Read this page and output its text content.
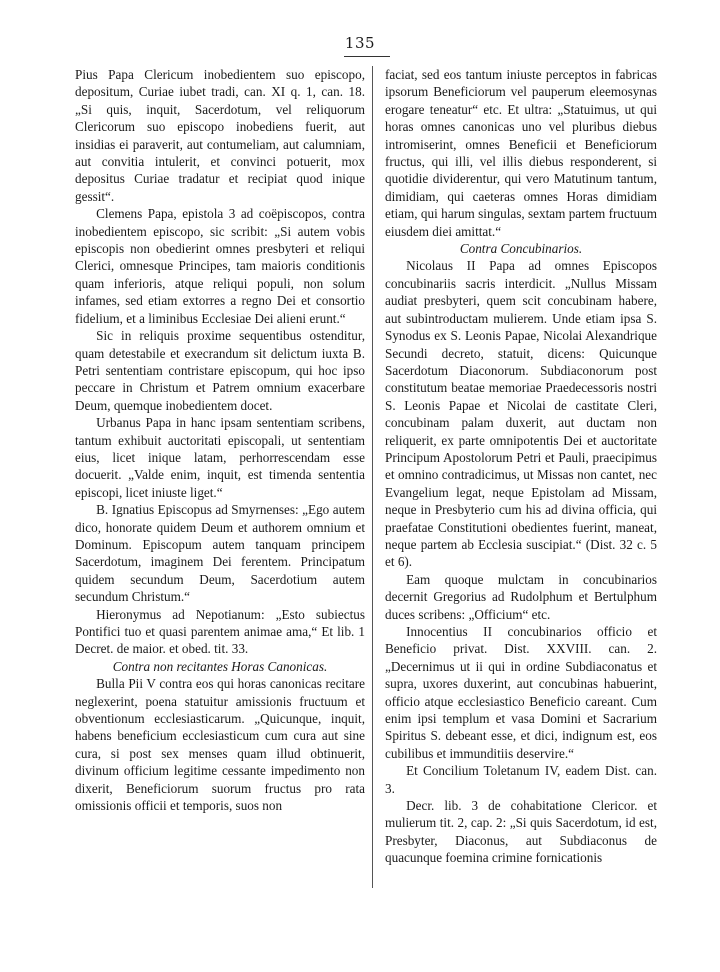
135

Pius Papa Clericum inobedientem suo episcopo, depositum, Curiae iubet tradi, can. XI q. 1, can. 18. „Si quis, inquit, Sacerdotum, vel reliquorum Clericorum suo episcopo inobediens fuerit, aut insidias ei paraverit, aut contumeliam, aut calumniam, aut convitia intulerit, et convinci potuerit, mox depositus Curiae tradatur et recipiat quod inique gessit“.

Clemens Papa, epistola 3 ad coëpiscopos, contra inobedientem episcopo, sic scribit: „Si autem vobis episcopis non obedierint omnes presbyteri et reliqui Clerici, omnesque Principes, tam maioris conditionis quam inferioris, atque reliqui populi, non solum infames, sed etiam extorres a regno Dei et consortio fidelium, et a liminibus Ecclesiae Dei alieni erunt.“

Sic in reliquis proxime sequentibus ostenditur, quam detestabile et execrandum sit delictum iuxta B. Petri sententiam contristare episcopum, qui hoc ipso peccare in Christum et Patrem omnium exacerbare Deum, quemque inobedientem docet.

Urbanus Papa in hanc ipsam sententiam scribens, tantum exhibuit auctoritati episcopali, ut sententiam eius, licet inique latam, perhorrescendam esse docuerit. „Valde enim, inquit, est timenda sententia episcopi, licet iniuste liget.“

B. Ignatius Episcopus ad Smyrnenses: „Ego autem dico, honorate quidem Deum et authorem omnium et Dominum. Episcopum autem tanquam principem Sacerdotum, imaginem Dei ferentem. Principatum quidem secundum Deum, Sacerdotium autem secundum Christum.“

Hieronymus ad Nepotianum: „Esto subiectus Pontifici tuo et quasi parentem animae ama,“ Et lib. 1 Decret. de maior. et obed. tit. 33.

Contra non recitantes Horas Canonicas.

Bulla Pii V contra eos qui horas canonicas recitare neglexerint, poena statuitur amissionis fructuum et obventionum ecclesiasticarum. „Quicunque, inquit, habens beneficium ecclesiasticum cum cura aut sine cura, si post sex menses quam illud obtinuerit, divinum officium legitime cessante impedimento non dixerit, Beneficiorum suorum fructus pro rata omissionis officii et temporis, suos non

faciat, sed eos tantum iniuste perceptos in fabricas ipsorum Beneficiorum vel pauperum eleemosynas erogare teneatur“ etc. Et ultra: „Statuimus, ut qui horas omnes canonicas uno vel pluribus diebus intromiserint, omnes Beneficii et Beneficiorum fructus, qui illi, vel illis diebus responderent, si quotidie dividerentur, qui vero Matutinum tantum, dimidiam, qui caeteras omnes Horas dimidiam etiam, qui harum singulas, sextam partem fructuum eiusdem diei amittat.“

Contra Concubinarios.

Nicolaus II Papa ad omnes Episcopos concubinariis sacris interdicit. „Nullus Missam audiat presbyteri, quem scit concubinam habere, aut subintroductam mulierem. Unde etiam ipsa S. Synodus ex S. Leonis Papae, Nicolai Alexandrique Secundi decreto, statuit, dicens: Quicunque Sacerdotum Diaconorum. Subdiaconorum post constitutum beatae memoriae Praedecessoris nostri S. Leonis Papae et Nicolai de castitate Cleri, concubinam palam duxerit, aut ductam non reliquerit, ex parte omnipotentis Dei et auctoritate Principum Apostolorum Petri et Pauli, praecipimus et omnino contradicimus, ut Missas non cantet, nec Evangelium legat, neque Epistolam ad Missam, neque in Presbyterio cum his ad divina officia, qui praefatae Constitutioni obedientes fuerint, maneat, neque partem ab Ecclesia suscipiat.“ (Dist. 32 c. 5 et 6).

Eam quoque mulctam in concubinarios decernit Gregorius ad Rudolphum et Bertulphum duces scribens: „Officium“ etc.

Innocentius II concubinarios officio et Beneficio privat. Dist. XXVIII. can. 2. „Decernimus ut ii qui in ordine Subdiaconatus et supra, uxores duxerint, aut concubinas habuerint, officio atque ecclesiastico Beneficio careant. Cum enim ipsi templum et vasa Domini et Sacrarium Spiritus S. debeant esse, et dici, indignum est, eos cubilibus et immunditiis deservire.“

Et Concilium Toletanum IV, eadem Dist. can. 3.

Decr. lib. 3 de cohabitatione Clericor. et mulierum tit. 2, cap. 2: „Si quis Sacerdotum, id est, Presbyter, Diaconus, aut Subdiaconus de quacunque foemina crimine fornicationis
